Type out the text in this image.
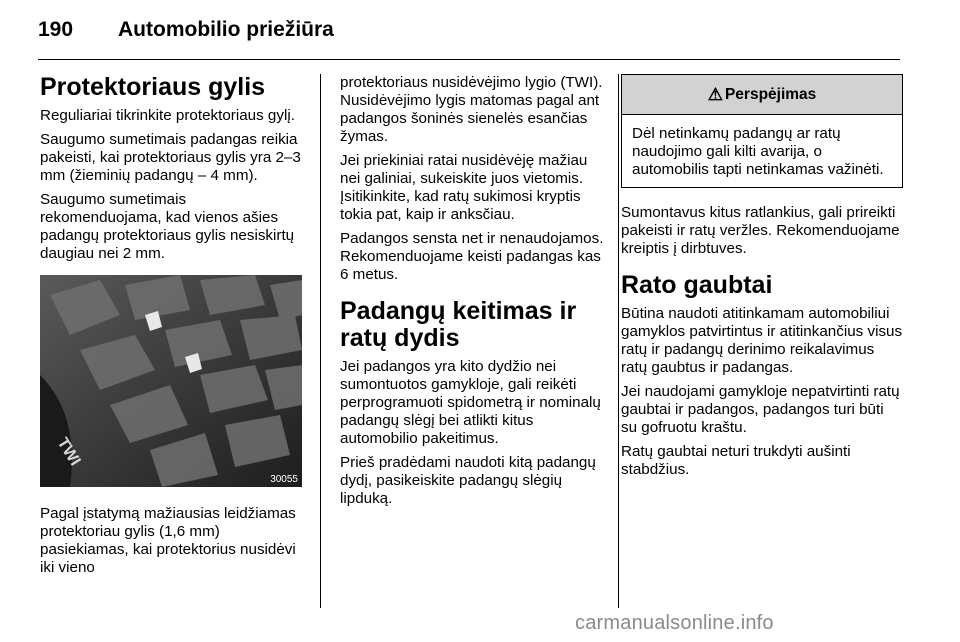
190	Automobilio priežiūra
Protektoriaus gylis

Reguliariai tikrinkite protektoriaus gylį.

Saugumo sumetimais padangas reikia pakeisti, kai protektoriaus gylis yra 2–3 mm (žieminių padangų – 4 mm).

Saugumo sumetimais rekomenduojama, kad vienos ašies padangų protektoriaus gylis nesiskirtų daugiau nei 2 mm.

TWI
30055

Pagal įstatymą mažiausias leidžiamas protektoriau gylis (1,6 mm) pasiekiamas, kai protektorius nusidėvi iki vieno

protektoriaus nusidėvėjimo lygio (TWI). Nusidėvėjimo lygis matomas pagal ant padangos šoninės sienelės esančias žymas.

Jei priekiniai ratai nusidėvėję mažiau nei galiniai, sukeiskite juos vietomis. Įsitikinkite, kad ratų sukimosi kryptis tokia pat, kaip ir anksčiau.

Padangos sensta net ir nenaudojamos. Rekomenduojame keisti padangas kas 6 metus.

Padangų keitimas ir ratų dydis

Jei padangos yra kito dydžio nei sumontuotos gamykloje, gali reikėti perprogramuoti spidometrą ir nominalų padangų slėgį bei atlikti kitus automobilio pakeitimus.

Prieš pradėdami naudoti kitą padangų dydį, pasikeiskite padangų slėgių lipduką.

⚠ Perspėjimas

Dėl netinkamų padangų ar ratų naudojimo gali kilti avarija, o automobilis tapti netinkamas važinėti.

Sumontavus kitus ratlankius, gali prireikti pakeisti ir ratų veržles. Rekomenduojame kreiptis į dirbtuves.

Rato gaubtai

Būtina naudoti atitinkamam automobiliui gamyklos patvirtintus ir atitinkančius visus ratų ir padangų derinimo reikalavimus ratų gaubtus ir padangas.

Jei naudojami gamykloje nepatvirtinti ratų gaubtai ir padangos, padangos turi būti su gofruotu kraštu.

Ratų gaubtai neturi trukdyti aušinti stabdžius.

carmanualsonline.info
